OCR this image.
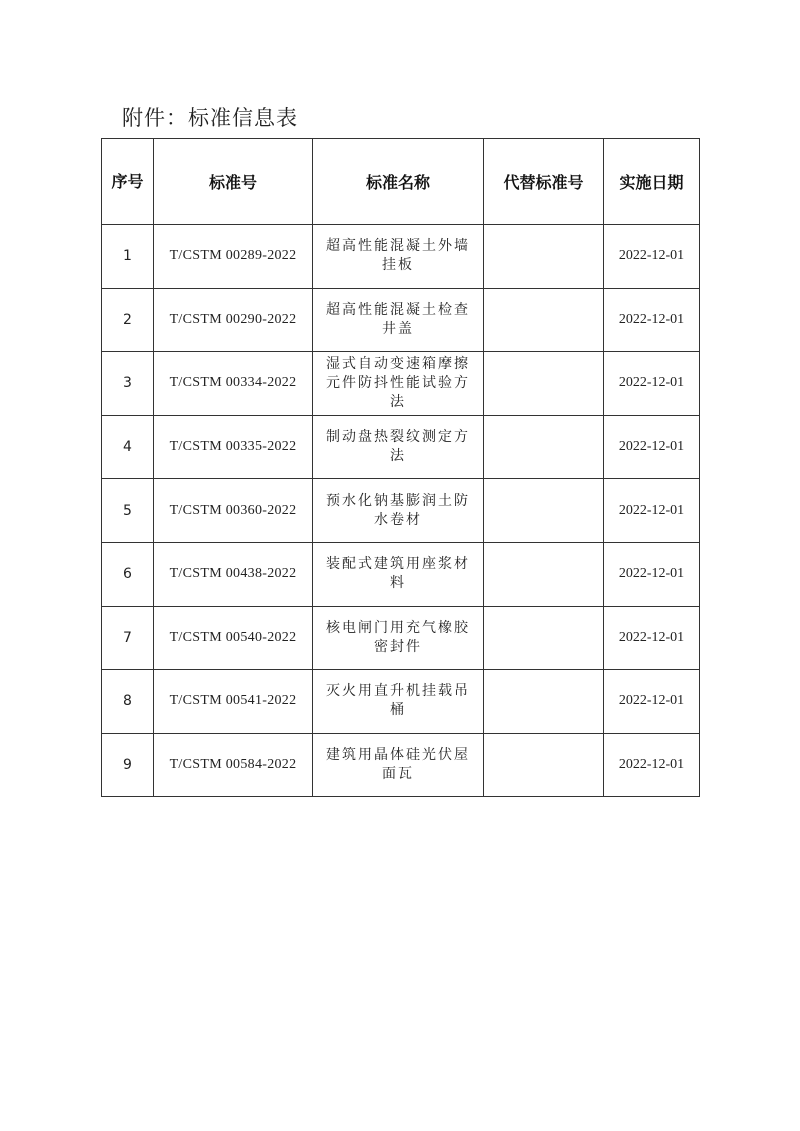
附件：标准信息表
序号	标准号	标准名称	代替标准号	实施日期
1	T/CSTM 00289-2022	超高性能混凝土外墙挂板		2022-12-01
2	T/CSTM 00290-2022	超高性能混凝土检查井盖		2022-12-01
3	T/CSTM 00334-2022	湿式自动变速箱摩擦元件防抖性能试验方法		2022-12-01
4	T/CSTM 00335-2022	制动盘热裂纹测定方法		2022-12-01
5	T/CSTM 00360-2022	预水化钠基膨润土防水卷材		2022-12-01
6	T/CSTM 00438-2022	装配式建筑用座浆材料		2022-12-01
7	T/CSTM 00540-2022	核电闸门用充气橡胶密封件		2022-12-01
8	T/CSTM 00541-2022	灭火用直升机挂载吊桶		2022-12-01
9	T/CSTM 00584-2022	建筑用晶体硅光伏屋面瓦		2022-12-01
